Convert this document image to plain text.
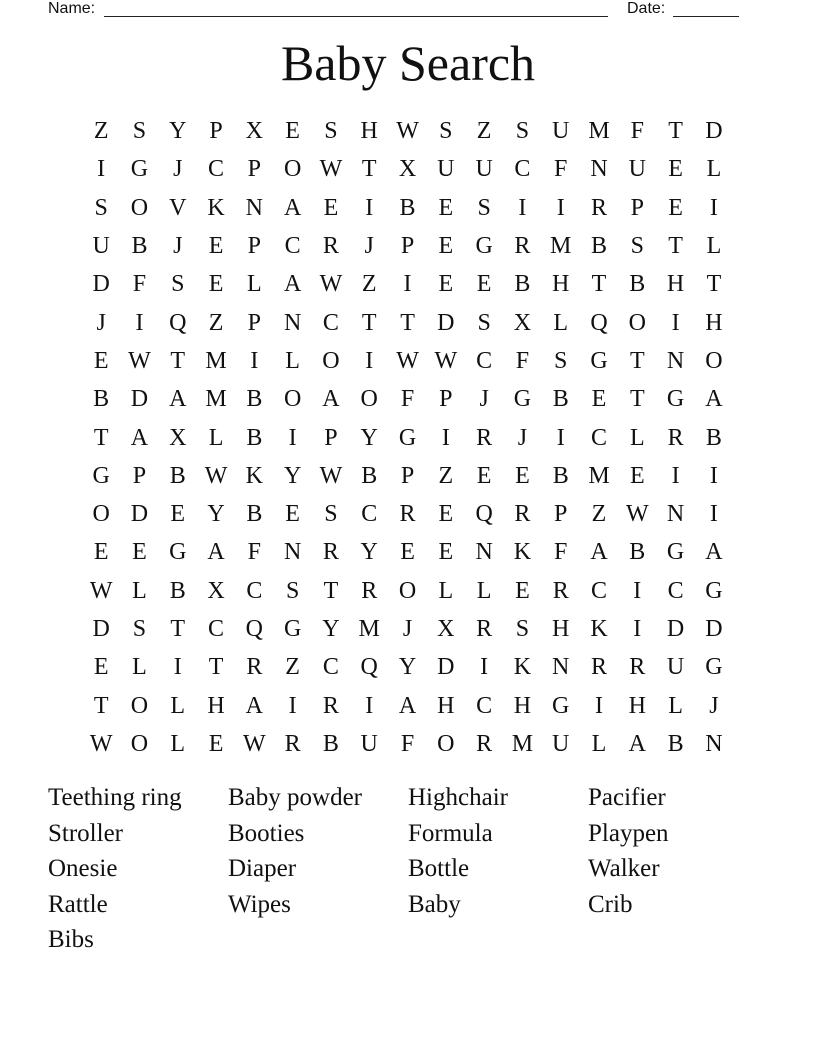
Name:	Date:
Baby Search
Z	S Y P X E	S H W S	Z	S U M F	T D
I	G	J	C P O W T X U U C F N U E L
S O V K N A E	I	B E	S	I	I	R P	E	I
U B	J	E	P C R	J	P	E G R M B S	T L
D F	S	E L A W Z	I	E E B H T B H T
J	I	Q Z	P N C T T D S X L Q O	I	H
E W T M I	L O	I W W C F	S G T N O
B D A M B O A O F	P	J	G B E T G A
T A X L B	I	P Y G	I	R	J	I	C L R B
G P B W K Y W B P	Z E E B M E	I	I
O D E Y B E	S C R E Q R P	Z W N	I
E E G A F N R Y E E N K F A B G A
W L B X C S	T R O L L E R C	I	C G
D S	T C Q G Y M J	X R S H K	I	D D
E L	I	T R Z C Q Y D	I	K N R R U G
T O L H A	I	R	I	A H C H G	I	H L	J
W O L E W R B U F O R M U L A B N
Teething ring	Baby powder	Highchair	Pacifier
Stroller	Booties	Formula	Playpen
Onesie	Diaper	Bottle	Walker
Rattle	Wipes	Baby	Crib
Bibs
